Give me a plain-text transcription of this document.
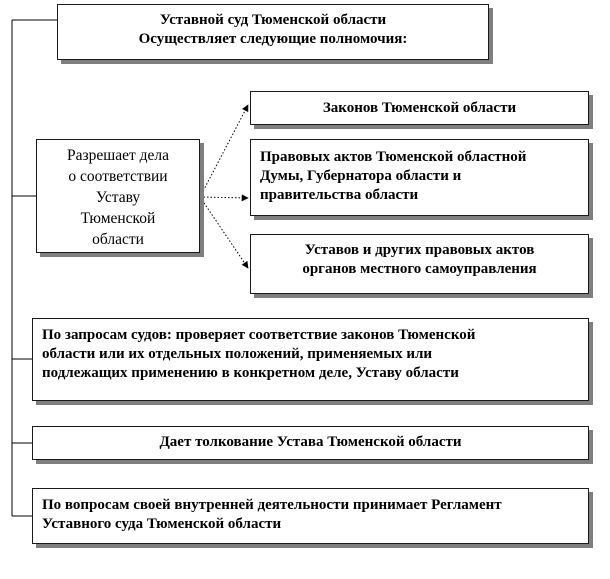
Уставной суд Тюменской области
Осуществляет следующие полномочия:
Разрешает дела
о соответствии
Уставу
Тюменской
области
Законов Тюменской области
Правовых актов Тюменской областной
Думы, Губернатора области и
правительства области
Уставов и других правовых актов
органов местного самоуправления
По запросам судов: проверяет соответствие законов Тюменской
области или их отдельных положений, применяемых или
подлежащих применению в конкретном деле, Уставу области
Дает толкование Устава Тюменской области
По вопросам своей внутренней деятельности принимает Регламент
Уставного суда Тюменской области
